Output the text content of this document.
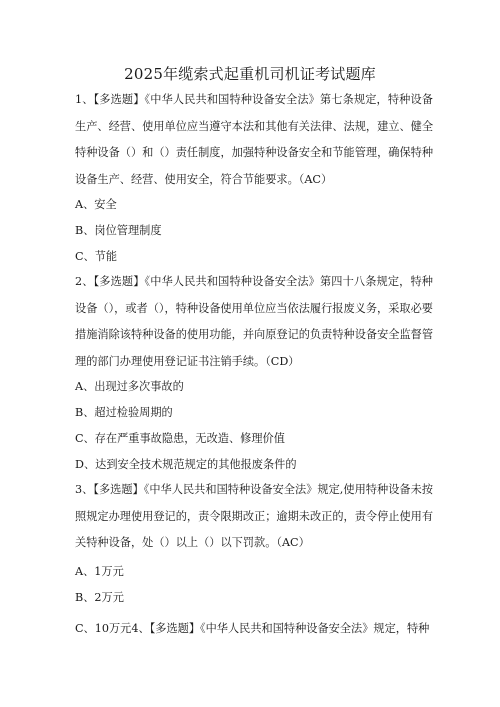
2025年缆索式起重机司机证考试题库
1、【多选题】《中华人民共和国特种设备安全法》第七条规定，特种设备生产、经营、使用单位应当遵守本法和其他有关法律、法规，建立、健全特种设备（）和（）责任制度，加强特种设备安全和节能管理，确保特种设备生产、经营、使用安全，符合节能要求。（AC）
A、安全
B、岗位管理制度
C、节能
2、【多选题】《中华人民共和国特种设备安全法》第四十八条规定，特种设备（），或者（），特种设备使用单位应当依法履行报废义务，采取必要措施消除该特种设备的使用功能，并向原登记的负责特种设备安全监督管理的部门办理使用登记证书注销手续。（CD）
A、出现过多次事故的
B、超过检验周期的
C、存在严重事故隐患，无改造、修理价值
D、达到安全技术规范规定的其他报废条件的
3、【多选题】《中华人民共和国特种设备安全法》规定,使用特种设备未按照规定办理使用登记的，责令限期改正；逾期未改正的，责令停止使用有关特种设备，处（）以上（）以下罚款。（AC）
A、1万元
B、2万元
C、10万元4、【多选题】《中华人民共和国特种设备安全法》规定，特种
